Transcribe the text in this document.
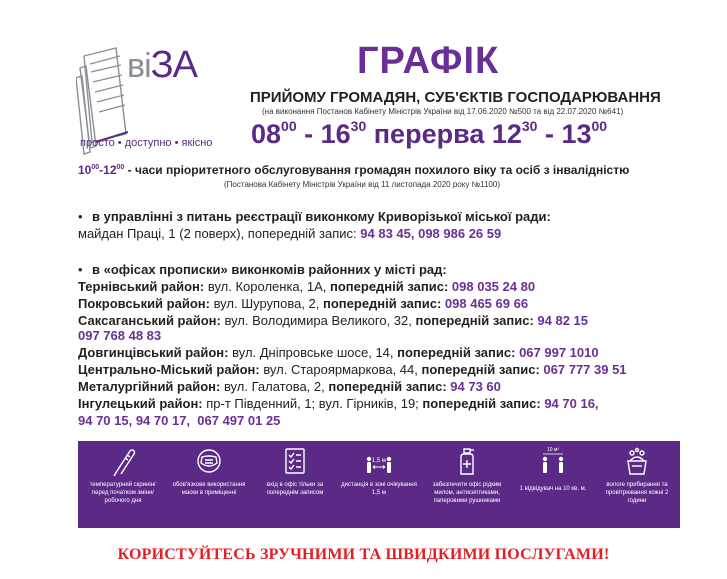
віЗА
просто • доступно • якісно
ГРАФІК
ПРИЙОМУ ГРОМАДЯН, СУБ'ЄКТІВ ГОСПОДАРЮВАННЯ
(на виконання Постанов Кабінету Міністрів України від 17.06.2020 №500 та від 22.07.2020 №641)
$08^{00} - 16^{30}$ перерва $12^{30} - 13^{00}$
$10^{00}-12^{00}$ - часи пріоритетного обслуговування громадян похилого віку та осіб з інвалідністю
(Постанова Кабінету Міністрів України від 11 листопада 2020 року №1100)
• в управлінні з питань реєстрації виконкому Криворізької міської ради:
майдан Праці, 1 (2 поверх), попередній запис: 94 83 45, 098 986 26 59
• в «офісах прописки» виконкомів районних у місті рад:
Тернівський район: вул. Короленка, 1А, попередній запис: 098 035 24 80
Покровський район: вул. Шурупова, 2, попередній запис: 098 465 69 66
Саксаганський район: вул. Володимира Великого, 32, попередній запис: 94 82 15
097 768 48 83
Довгинцівський район: вул. Дніпровське шосе, 14, попередній запис: 067 997 1010
Центрально-Міський район: вул. Староярмаркова, 44, попередній запис: 067 777 39 51
Металургійний район: вул. Галатова, 2, попередній запис: 94 73 60
Інгулецький район: пр-т Південний, 1; вул. Гірників, 19; попередній запис: 94 70 16,
94 70 15, 94 70 17,  067 497 01 25
температурний скринінг перед початком зміни/робочого дня
обов'язкове використання маски в приміщенні
вхід в офіс тільки за попереднім записом
1,5 м
дистанція в зоні очікування 1,5 м
забезпечити офіс рідким милом, антисептиками, паперовими рушниками
10 м²
1 відвідувач на 10 кв. м.
вологе прибирання та провітрювання кожні 2 години
КОРИСТУЙТЕСЬ ЗРУЧНИМИ ТА ШВИДКИМИ ПОСЛУГАМИ!
